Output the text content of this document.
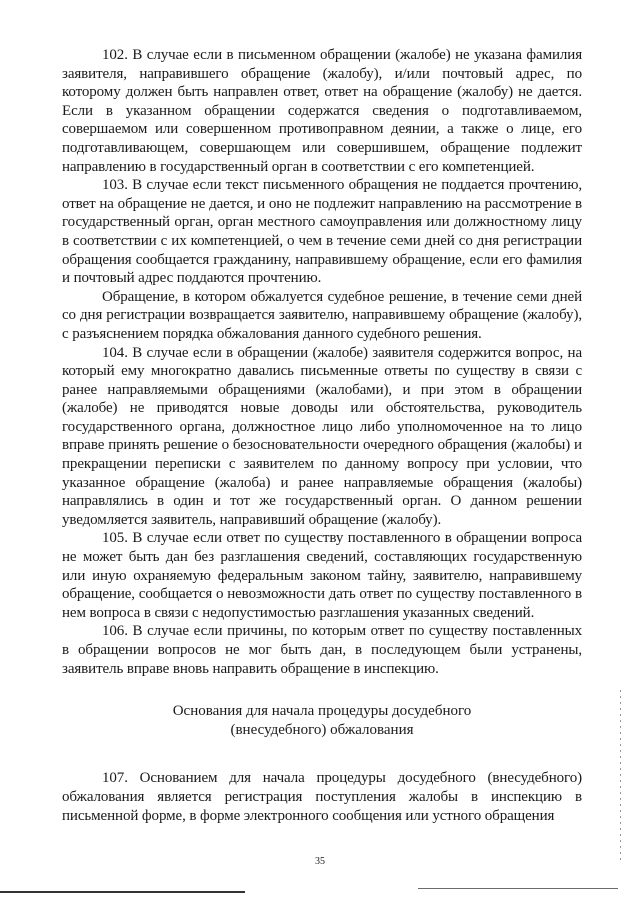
102. В случае если в письменном обращении (жалобе) не указана фамилия заявителя, направившего обращение (жалобу), и/или почтовый адрес, по которому должен быть направлен ответ, ответ на обращение (жалобу) не дается. Если в указанном обращении содержатся сведения о подготавливаемом, совершаемом или совершенном противоправном деянии, а также о лице, его подготавливающем, совершающем или совершившем, обращение подлежит направлению в государственный орган в соответствии с его компетенцией.

103. В случае если текст письменного обращения не поддается прочтению, ответ на обращение не дается, и оно не подлежит направлению на рассмотрение в государственный орган, орган местного самоуправления или должностному лицу в соответствии с их компетенцией, о чем в течение семи дней со дня регистрации обращения сообщается гражданину, направившему обращение, если его фамилия и почтовый адрес поддаются прочтению.

Обращение, в котором обжалуется судебное решение, в течение семи дней со дня регистрации возвращается заявителю, направившему обращение (жалобу), с разъяснением порядка обжалования данного судебного решения.

104. В случае если в обращении (жалобе) заявителя содержится вопрос, на который ему многократно давались письменные ответы по существу в связи с ранее направляемыми обращениями (жалобами), и при этом в обращении (жалобе) не приводятся новые доводы или обстоятельства, руководитель государственного органа, должностное лицо либо уполномоченное на то лицо вправе принять решение о безосновательности очередного обращения (жалобы) и прекращении переписки с заявителем по данному вопросу при условии, что указанное обращение (жалоба) и ранее направляемые обращения (жалобы) направлялись в один и тот же государственный орган. О данном решении уведомляется заявитель, направивший обращение (жалобу).

105. В случае если ответ по существу поставленного в обращении вопроса не может быть дан без разглашения сведений, составляющих государственную или иную охраняемую федеральным законом тайну, заявителю, направившему обращение, сообщается о невозможности дать ответ по существу поставленного в нем вопроса в связи с недопустимостью разглашения указанных сведений.

106. В случае если причины, по которым ответ по существу поставленных в обращении вопросов не мог быть дан, в последующем были устранены, заявитель вправе вновь направить обращение в инспекцию.

Основания для начала процедуры досудебного

(внесудебного) обжалования

107. Основанием для начала процедуры досудебного (внесудебного) обжалования является регистрация поступления жалобы в инспекцию в письменной форме, в форме электронного сообщения или устного обращения

35
